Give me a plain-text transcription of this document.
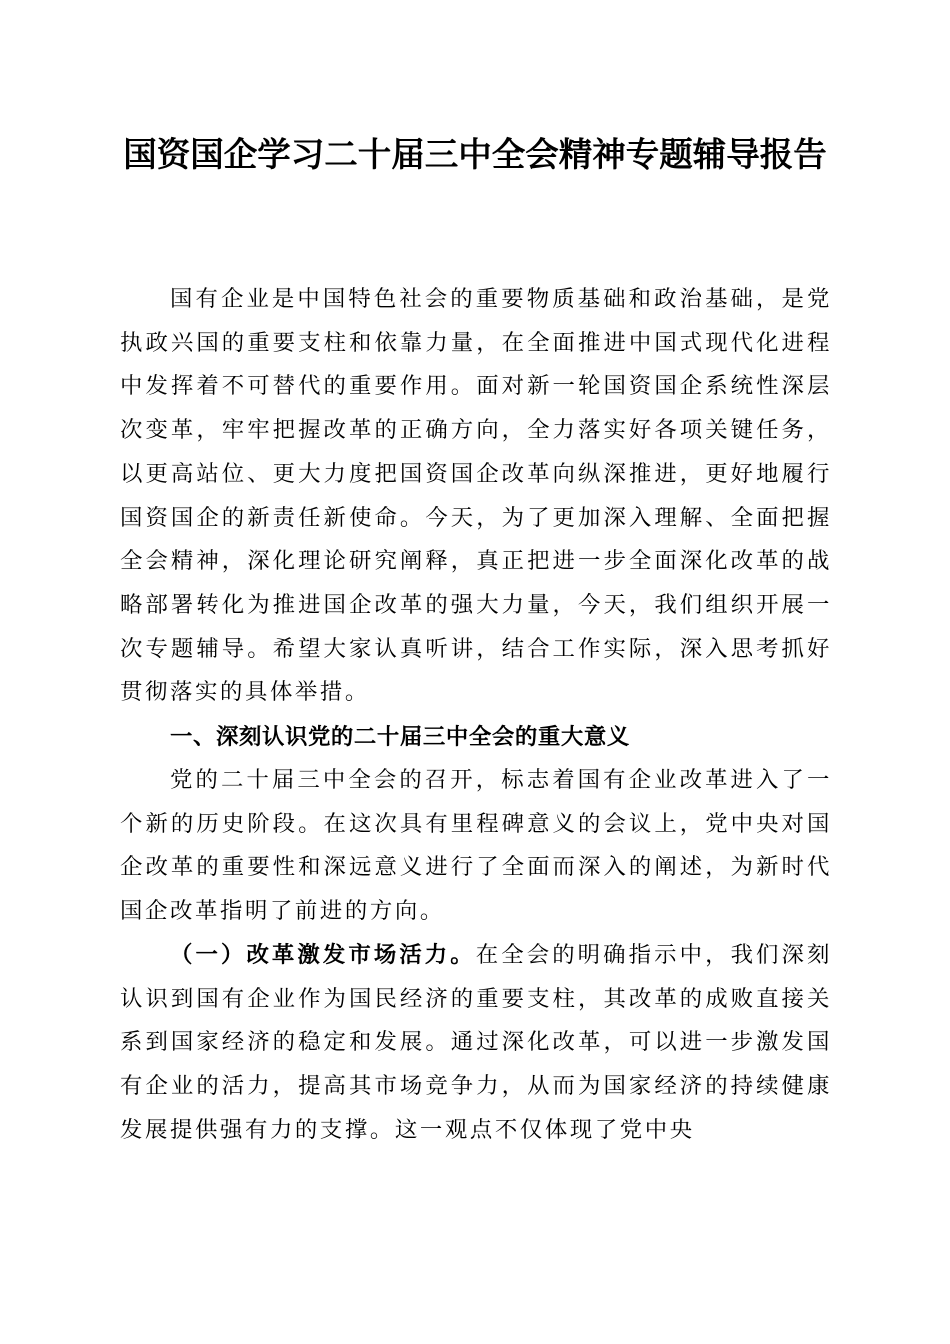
国资国企学习二十届三中全会精神专题辅导报告

国有企业是中国特色社会的重要物质基础和政治基础，是党执政兴国的重要支柱和依靠力量，在全面推进中国式现代化进程中发挥着不可替代的重要作用。面对新一轮国资国企系统性深层次变革，牢牢把握改革的正确方向，全力落实好各项关键任务，以更高站位、更大力度把国资国企改革向纵深推进，更好地履行国资国企的新责任新使命。今天，为了更加深入理解、全面把握全会精神，深化理论研究阐释，真正把进一步全面深化改革的战略部署转化为推进国企改革的强大力量，今天，我们组织开展一次专题辅导。希望大家认真听讲，结合工作实际，深入思考抓好贯彻落实的具体举措。

一、深刻认识党的二十届三中全会的重大意义

党的二十届三中全会的召开，标志着国有企业改革进入了一个新的历史阶段。在这次具有里程碑意义的会议上，党中央对国企改革的重要性和深远意义进行了全面而深入的阐述，为新时代国企改革指明了前进的方向。

（一）改革激发市场活力。在全会的明确指示中，我们深刻认识到国有企业作为国民经济的重要支柱，其改革的成败直接关系到国家经济的稳定和发展。通过深化改革，可以进一步激发国有企业的活力，提高其市场竞争力，从而为国家经济的持续健康发展提供强有力的支撑。这一观点不仅体现了党中央
